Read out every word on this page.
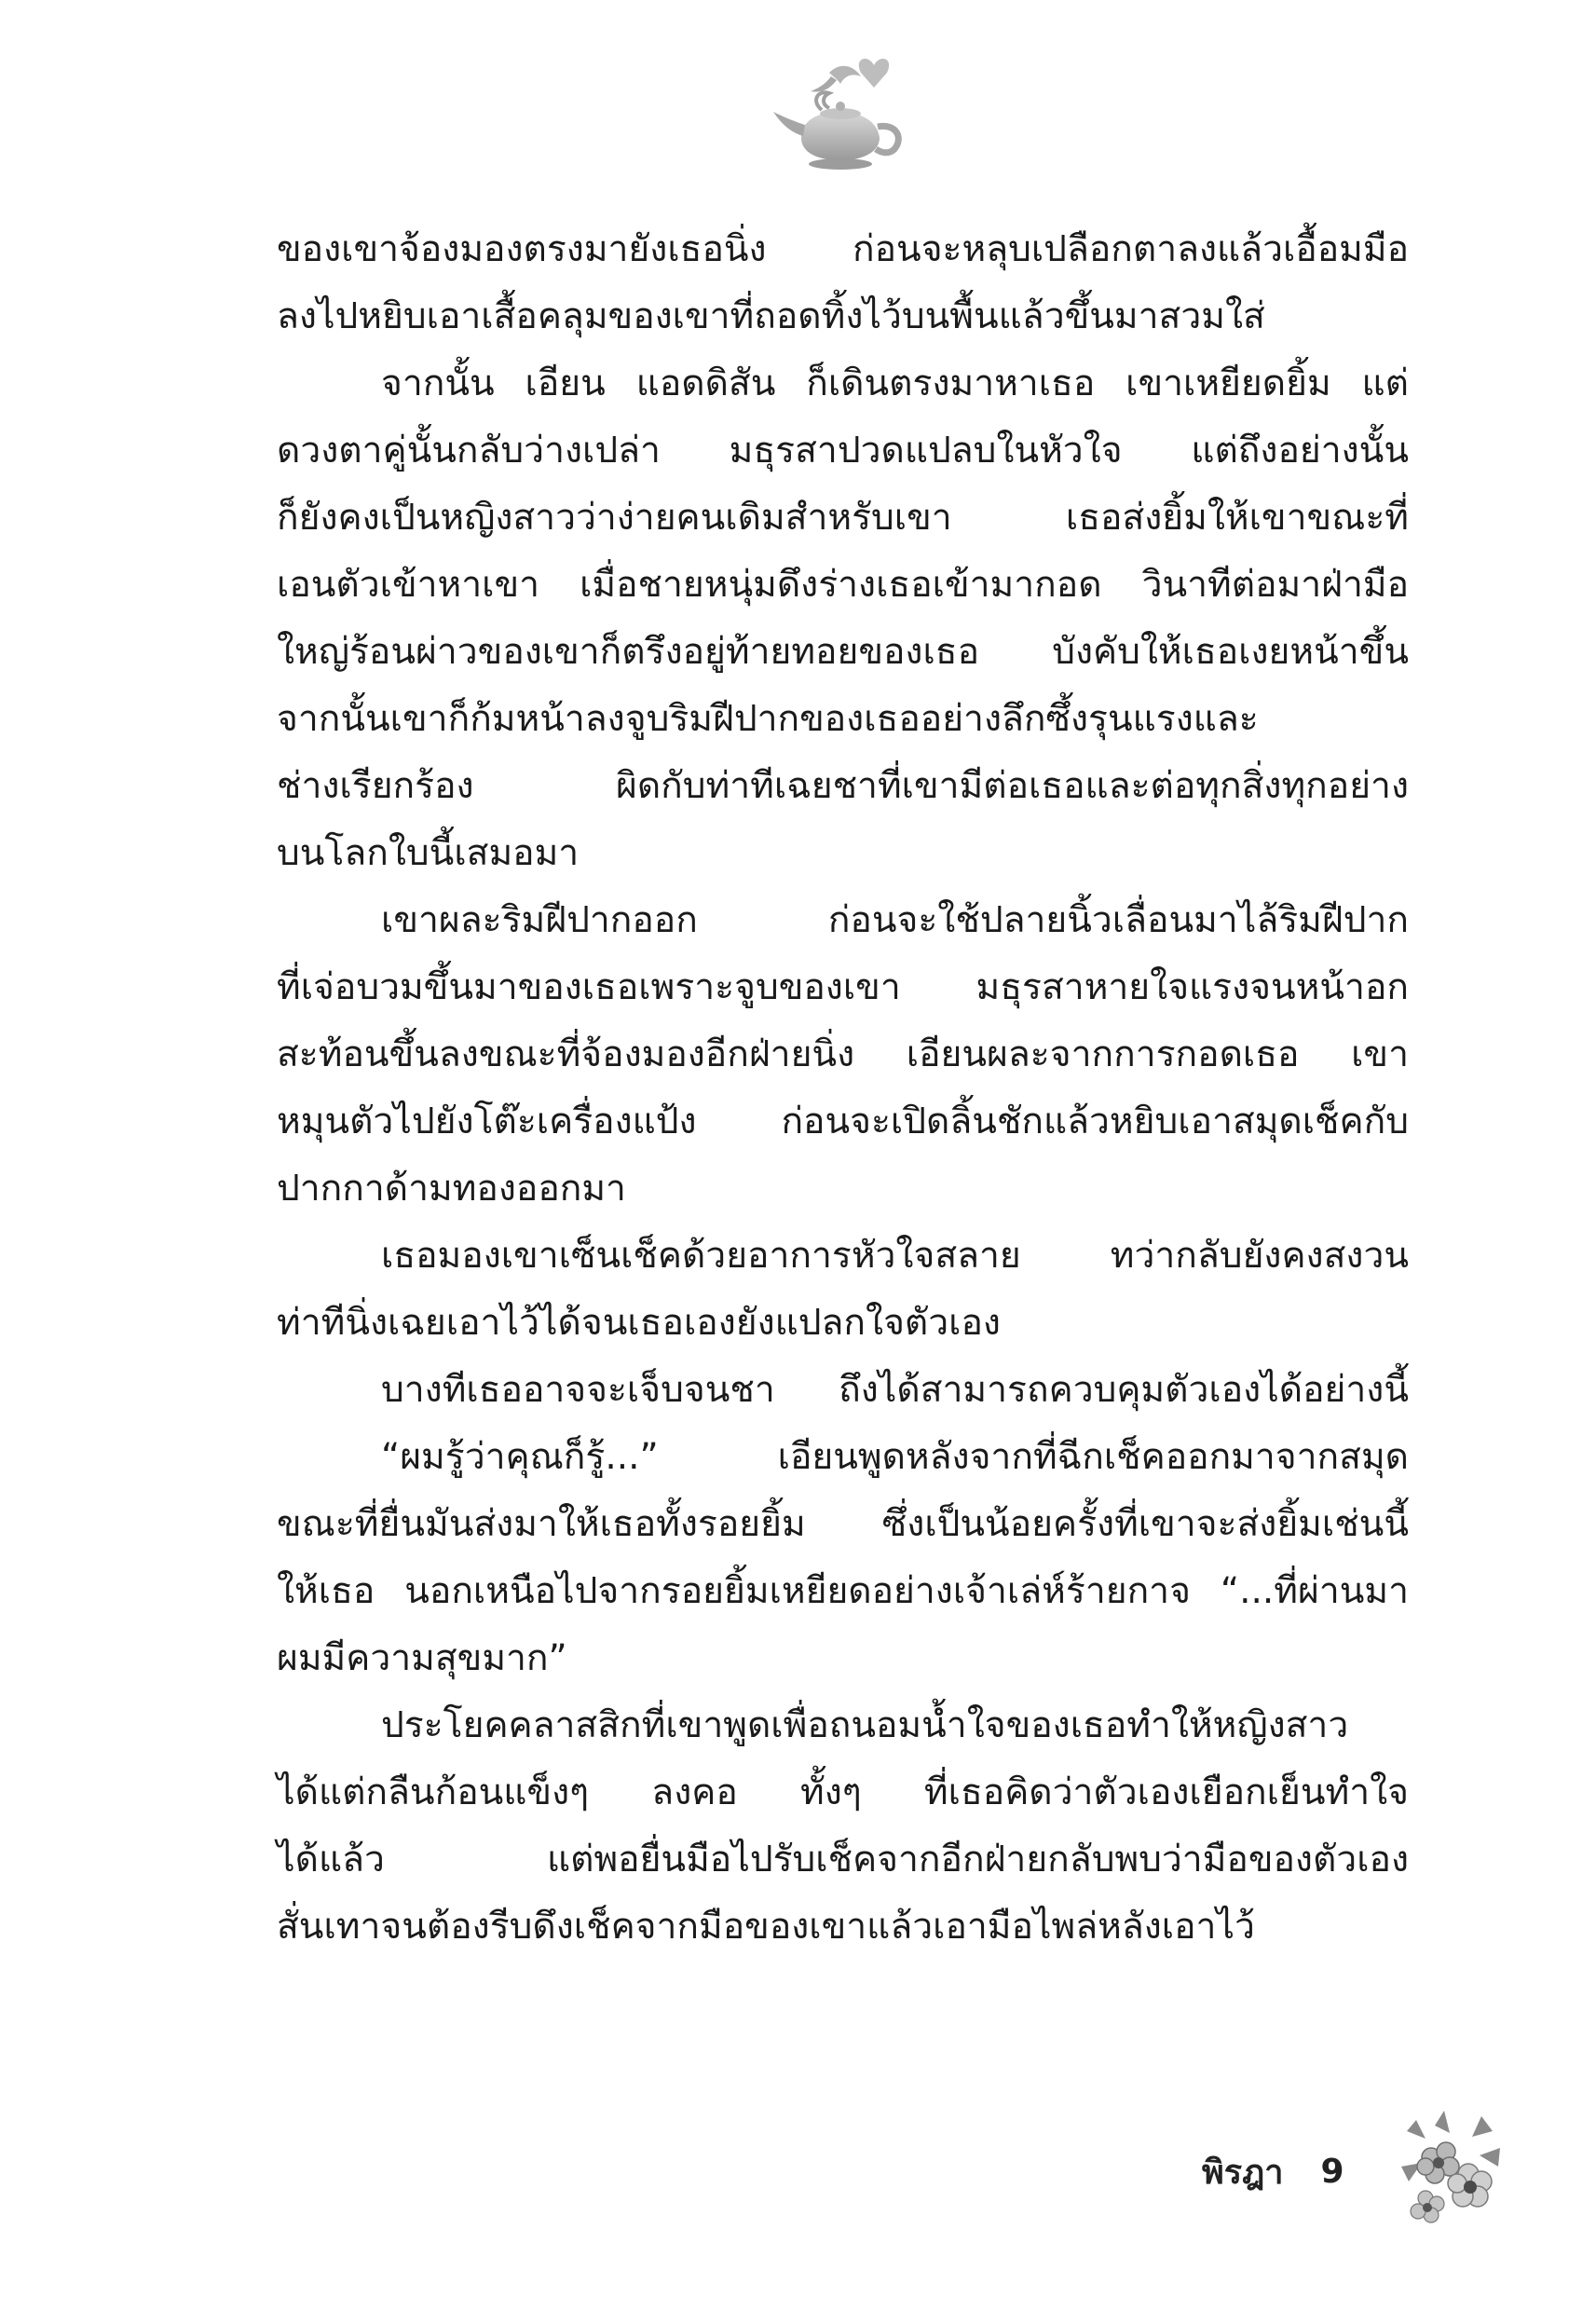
ของเขาจ้องมองตรงมายังเธอนิ่ง ก่อนจะหลุบเปลือกตาลงแล้วเอื้อมมือ
ลงไปหยิบเอาเสื้อคลุมของเขาที่ถอดทิ้งไว้บนพื้นแล้วขึ้นมาสวมใส่
จากนั้น เอียน แอดดิสัน ก็เดินตรงมาหาเธอ เขาเหยียดยิ้ม แต่
ดวงตาคู่นั้นกลับว่างเปล่า มธุรสาปวดแปลบในหัวใจ แต่ถึงอย่างนั้น
ก็ยังคงเป็นหญิงสาวว่าง่ายคนเดิมสำหรับเขา เธอส่งยิ้มให้เขาขณะที่
เอนตัวเข้าหาเขา เมื่อชายหนุ่มดึงร่างเธอเข้ามากอด วินาทีต่อมาฝ่ามือ
ใหญ่ร้อนผ่าวของเขาก็ตรึงอยู่ท้ายทอยของเธอ บังคับให้เธอเงยหน้าขึ้น
จากนั้นเขาก็ก้มหน้าลงจูบริมฝีปากของเธออย่างลึกซึ้งรุนแรงและ
ช่างเรียกร้อง ผิดกับท่าทีเฉยชาที่เขามีต่อเธอและต่อทุกสิ่งทุกอย่าง
บนโลกใบนี้เสมอมา
เขาผละริมฝีปากออก ก่อนจะใช้ปลายนิ้วเลื่อนมาไล้ริมฝีปาก
ที่เจ่อบวมขึ้นมาของเธอเพราะจูบของเขา มธุรสาหายใจแรงจนหน้าอก
สะท้อนขึ้นลงขณะที่จ้องมองอีกฝ่ายนิ่ง เอียนผละจากการกอดเธอ เขา
หมุนตัวไปยังโต๊ะเครื่องแป้ง ก่อนจะเปิดลิ้นชักแล้วหยิบเอาสมุดเช็คกับ
ปากกาด้ามทองออกมา
เธอมองเขาเซ็นเช็คด้วยอาการหัวใจสลาย ทว่ากลับยังคงสงวน
ท่าทีนิ่งเฉยเอาไว้ได้จนเธอเองยังแปลกใจตัวเอง
บางทีเธออาจจะเจ็บจนชา ถึงได้สามารถควบคุมตัวเองได้อย่างนี้
“ผมรู้ว่าคุณก็รู้...” เอียนพูดหลังจากที่ฉีกเช็คออกมาจากสมุด
ขณะที่ยื่นมันส่งมาให้เธอทั้งรอยยิ้ม ซึ่งเป็นน้อยครั้งที่เขาจะส่งยิ้มเช่นนี้
ให้เธอ นอกเหนือไปจากรอยยิ้มเหยียดอย่างเจ้าเล่ห์ร้ายกาจ “...ที่ผ่านมา
ผมมีความสุขมาก”
ประโยคคลาสสิกที่เขาพูดเพื่อถนอมน้ำใจของเธอทำให้หญิงสาว
ได้แต่กลืนก้อนแข็งๆ ลงคอ ทั้งๆ ที่เธอคิดว่าตัวเองเยือกเย็นทำใจ
ได้แล้ว แต่พอยื่นมือไปรับเช็คจากอีกฝ่ายกลับพบว่ามือของตัวเอง
สั่นเทาจนต้องรีบดึงเช็คจากมือของเขาแล้วเอามือไพล่หลังเอาไว้
พิรฎา 9
